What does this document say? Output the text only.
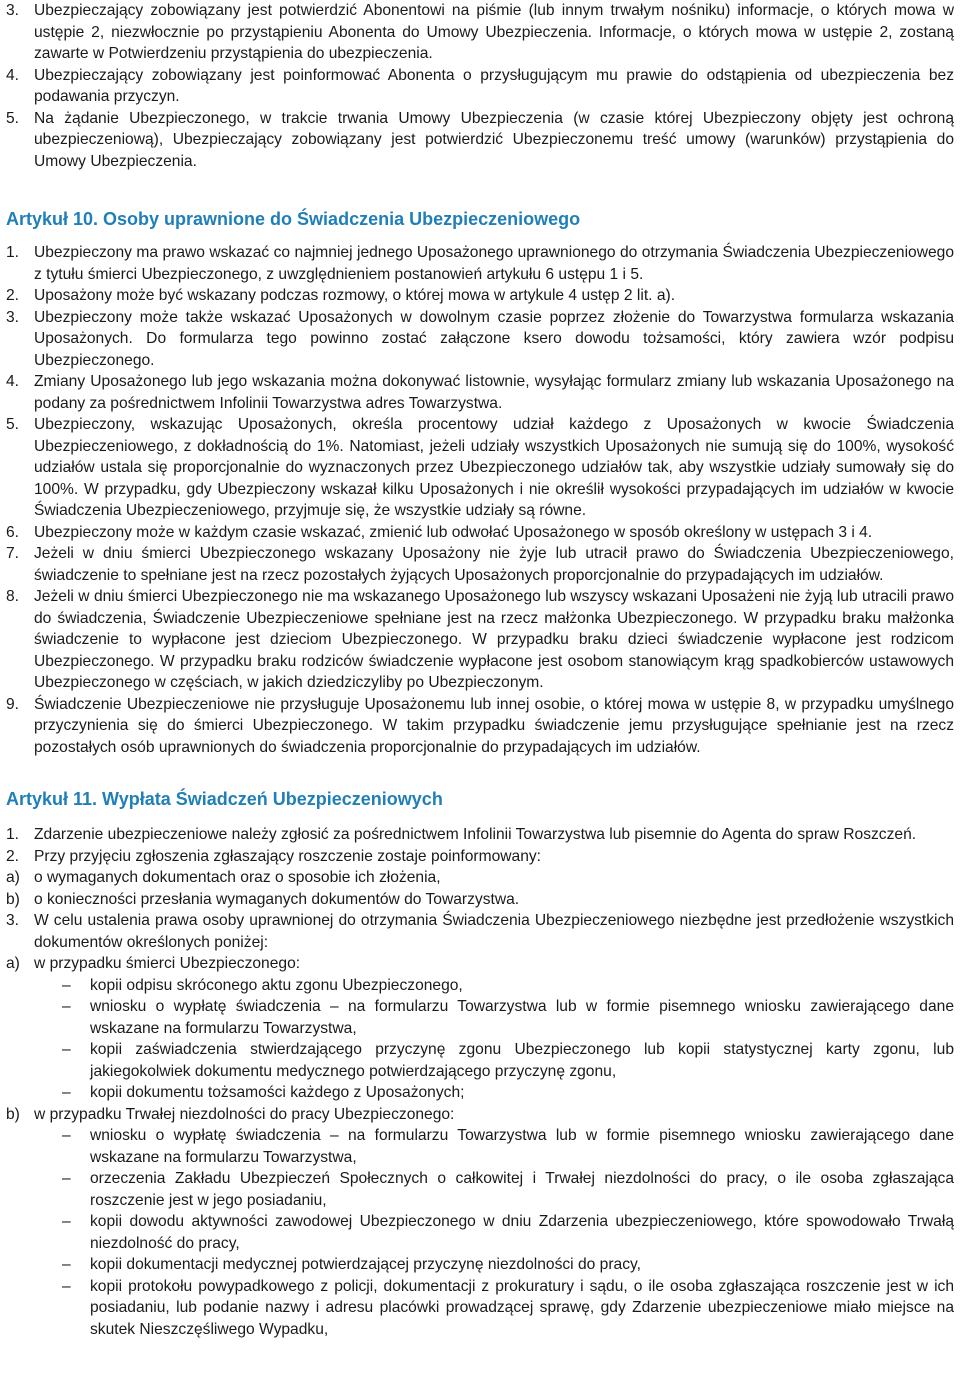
3. Ubezpieczający zobowiązany jest potwierdzić Abonentowi na piśmie (lub innym trwałym nośniku) informacje, o których mowa w ustępie 2, niezwłocznie po przystąpieniu Abonenta do Umowy Ubezpieczenia. Informacje, o których mowa w ustępie 2, zostaną zawarte w Potwierdzeniu przystąpienia do ubezpieczenia.
4. Ubezpieczający zobowiązany jest poinformować Abonenta o przysługującym mu prawie do odstąpienia od ubezpieczenia bez podawania przyczyn.
5. Na żądanie Ubezpieczonego, w trakcie trwania Umowy Ubezpieczenia (w czasie której Ubezpieczony objęty jest ochroną ubezpieczeniową), Ubezpieczający zobowiązany jest potwierdzić Ubezpieczonemu treść umowy (warunków) przystąpienia do Umowy Ubezpieczenia.
Artykuł 10. Osoby uprawnione do Świadczenia Ubezpieczeniowego
1. Ubezpieczony ma prawo wskazać co najmniej jednego Uposażonego uprawnionego do otrzymania Świadczenia Ubezpieczeniowego z tytułu śmierci Ubezpieczonego, z uwzględnieniem postanowień artykułu 6 ustępu 1 i 5.
2. Uposażony może być wskazany podczas rozmowy, o której mowa w artykule 4 ustęp 2 lit. a).
3. Ubezpieczony może także wskazać Uposażonych w dowolnym czasie poprzez złożenie do Towarzystwa formularza wskazania Uposażonych. Do formularza tego powinno zostać załączone ksero dowodu tożsamości, który zawiera wzór podpisu Ubezpieczonego.
4. Zmiany Uposażonego lub jego wskazania można dokonywać listownie, wysyłając formularz zmiany lub wskazania Uposażonego na podany za pośrednictwem Infolinii Towarzystwa adres Towarzystwa.
5. Ubezpieczony, wskazując Uposażonych, określa procentowy udział każdego z Uposażonych w kwocie Świadczenia Ubezpieczeniowego, z dokładnością do 1%. Natomiast, jeżeli udziały wszystkich Uposażonych nie sumują się do 100%, wysokość udziałów ustala się proporcjonalnie do wyznaczonych przez Ubezpieczonego udziałów tak, aby wszystkie udziały sumowały się do 100%. W przypadku, gdy Ubezpieczony wskazał kilku Uposażonych i nie określił wysokości przypadających im udziałów w kwocie Świadczenia Ubezpieczeniowego, przyjmuje się, że wszystkie udziały są równe.
6. Ubezpieczony może w każdym czasie wskazać, zmienić lub odwołać Uposażonego w sposób określony w ustępach 3 i 4.
7. Jeżeli w dniu śmierci Ubezpieczonego wskazany Uposażony nie żyje lub utracił prawo do Świadczenia Ubezpieczeniowego, świadczenie to spełniane jest na rzecz pozostałych żyjących Uposażonych proporcjonalnie do przypadających im udziałów.
8. Jeżeli w dniu śmierci Ubezpieczonego nie ma wskazanego Uposażonego lub wszyscy wskazani Uposażeni nie żyją lub utracili prawo do świadczenia, Świadczenie Ubezpieczeniowe spełniane jest na rzecz małżonka Ubezpieczonego. W przypadku braku małżonka świadczenie to wypłacone jest dzieciom Ubezpieczonego. W przypadku braku dzieci świadczenie wypłacone jest rodzicom Ubezpieczonego. W przypadku braku rodziców świadczenie wypłacone jest osobom stanowiącym krąg spadkobierców ustawowych Ubezpieczonego w częściach, w jakich dziedziczyliby po Ubezpieczonym.
9. Świadczenie Ubezpieczeniowe nie przysługuje Uposażonemu lub innej osobie, o której mowa w ustępie 8, w przypadku umyślnego przyczynienia się do śmierci Ubezpieczonego. W takim przypadku świadczenie jemu przysługujące spełnianie jest na rzecz pozostałych osób uprawnionych do świadczenia proporcjonalnie do przypadających im udziałów.
Artykuł 11. Wypłata Świadczeń Ubezpieczeniowych
1. Zdarzenie ubezpieczeniowe należy zgłosić za pośrednictwem Infolinii Towarzystwa lub pisemnie do Agenta do spraw Roszczeń.
2. Przy przyjęciu zgłoszenia zgłaszający roszczenie zostaje poinformowany:
a) o wymaganych dokumentach oraz o sposobie ich złożenia,
b) o konieczności przesłania wymaganych dokumentów do Towarzystwa.
3. W celu ustalenia prawa osoby uprawnionej do otrzymania Świadczenia Ubezpieczeniowego niezbędne jest przedłożenie wszystkich dokumentów określonych poniżej:
a) w przypadku śmierci Ubezpieczonego:
–	kopii odpisu skróconego aktu zgonu Ubezpieczonego,
–	wniosku o wypłatę świadczenia – na formularzu Towarzystwa lub w formie pisemnego wniosku zawierającego dane wskazane na formularzu Towarzystwa,
–	kopii zaświadczenia stwierdzającego przyczynę zgonu Ubezpieczonego lub kopii statystycznej karty zgonu, lub jakiegokolwiek dokumentu medycznego potwierdzającego przyczynę zgonu,
–	kopii dokumentu tożsamości każdego z Uposażonych;
b) w przypadku Trwałej niezdolności do pracy Ubezpieczonego:
–	wniosku o wypłatę świadczenia – na formularzu Towarzystwa lub w formie pisemnego wniosku zawierającego dane wskazane na formularzu Towarzystwa,
–	orzeczenia Zakładu Ubezpieczeń Społecznych o całkowitej i Trwałej niezdolności do pracy, o ile osoba zgłaszająca roszczenie jest w jego posiadaniu,
–	kopii dowodu aktywności zawodowej Ubezpieczonego w dniu Zdarzenia ubezpieczeniowego, które spowodowało Trwałą niezdolność do pracy,
–	kopii dokumentacji medycznej potwierdzającej przyczynę niezdolności do pracy,
–	kopii protokołu powypadkowego z policji, dokumentacji z prokuratury i sądu, o ile osoba zgłaszająca roszczenie jest w ich posiadaniu, lub podanie nazwy i adresu placówki prowadzącej sprawę, gdy Zdarzenie ubezpieczeniowe miało miejsce na skutek Nieszczęśliwego Wypadku,
